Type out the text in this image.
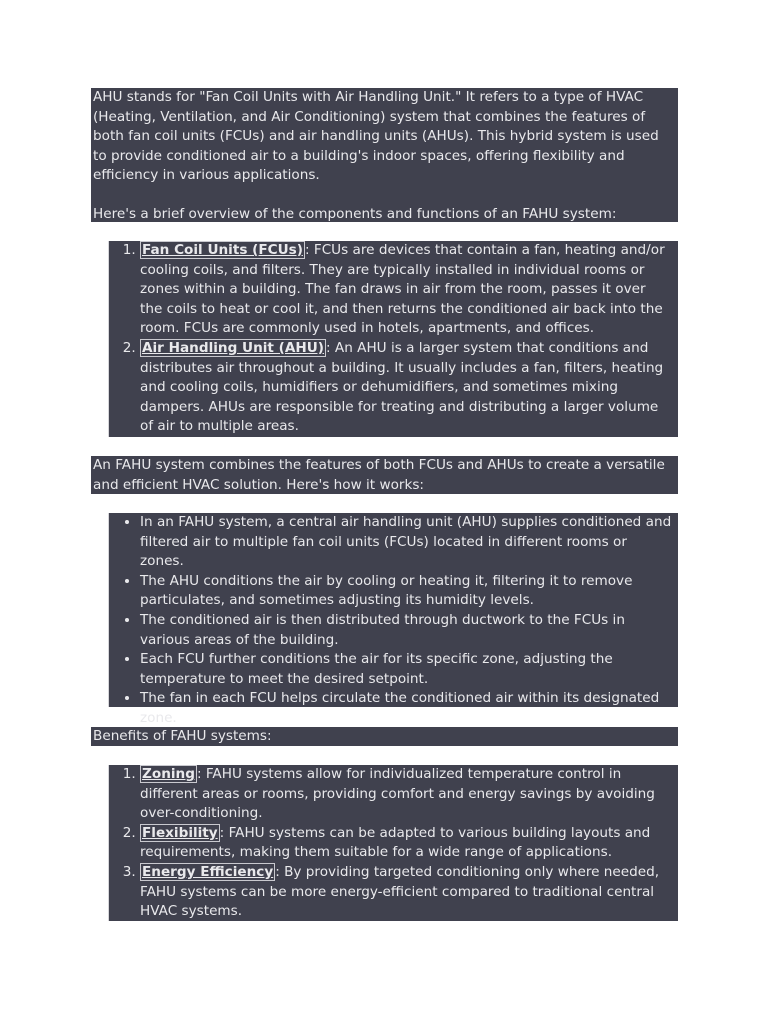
AHU stands for "Fan Coil Units with Air Handling Unit." It refers to a type of HVAC (Heating, Ventilation, and Air Conditioning) system that combines the features of both fan coil units (FCUs) and air handling units (AHUs). This hybrid system is used to provide conditioned air to a building's indoor spaces, offering flexibility and efficiency in various applications.
Here's a brief overview of the components and functions of an FAHU system:
1. Fan Coil Units (FCUs) : FCUs are devices that contain a fan, heating and/or cooling coils, and filters. They are typically installed in individual rooms or zones within a building. The fan draws in air from the room, passes it over the coils to heat or cool it, and then returns the conditioned air back into the room. FCUs are commonly used in hotels, apartments, and offices.
2. Air Handling Unit (AHU) : An AHU is a larger system that conditions and distributes air throughout a building. It usually includes a fan, filters, heating and cooling coils, humidifiers or dehumidifiers, and sometimes mixing dampers. AHUs are responsible for treating and distributing a larger volume of air to multiple areas.
An FAHU system combines the features of both FCUs and AHUs to create a versatile and efficient HVAC solution. Here's how it works:
• In an FAHU system, a central air handling unit (AHU) supplies conditioned and filtered air to multiple fan coil units (FCUs) located in different rooms or zones.
• The AHU conditions the air by cooling or heating it, filtering it to remove particulates, and sometimes adjusting its humidity levels.
• The conditioned air is then distributed through ductwork to the FCUs in various areas of the building.
• Each FCU further conditions the air for its specific zone, adjusting the temperature to meet the desired setpoint.
• The fan in each FCU helps circulate the conditioned air within its designated zone.
Benefits of FAHU systems:
1. Zoning : FAHU systems allow for individualized temperature control in different areas or rooms, providing comfort and energy savings by avoiding over-conditioning.
2. Flexibility : FAHU systems can be adapted to various building layouts and requirements, making them suitable for a wide range of applications.
3. Energy Efficiency : By providing targeted conditioning only where needed, FAHU systems can be more energy-efficient compared to traditional central HVAC systems.
